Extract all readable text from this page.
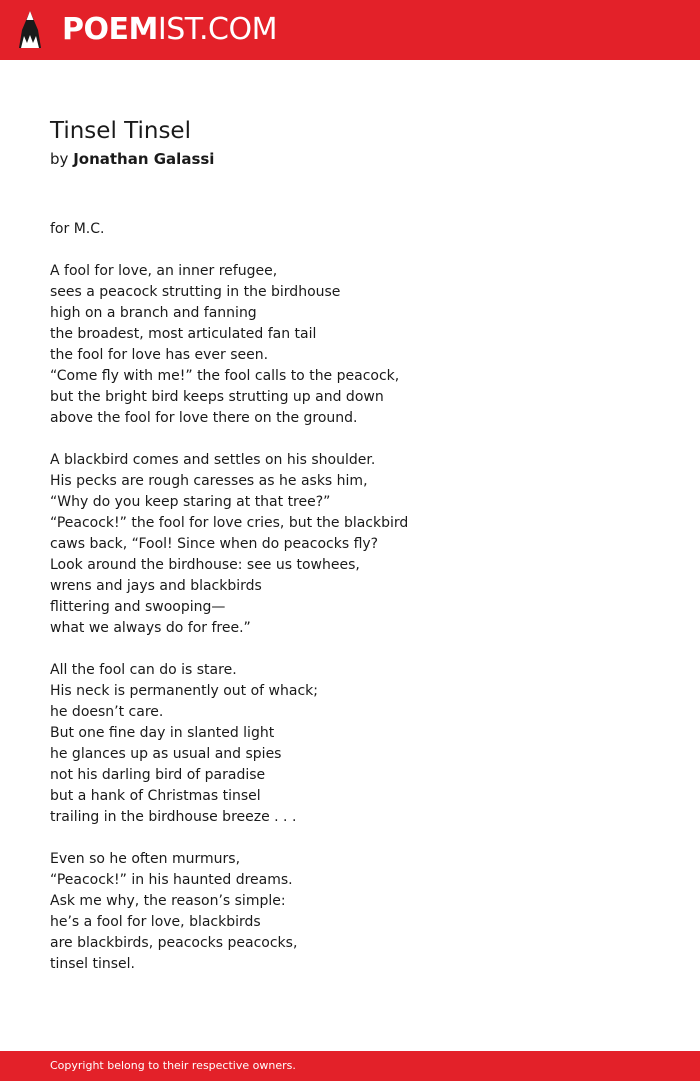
POEMIST.COM
Tinsel Tinsel
by Jonathan Galassi
for M.C.
A fool for love, an inner refugee,
sees a peacock strutting in the birdhouse
high on a branch and fanning
the broadest, most articulated fan tail
the fool for love has ever seen.
“Come fly with me!” the fool calls to the peacock,
but the bright bird keeps strutting up and down
above the fool for love there on the ground.
A blackbird comes and settles on his shoulder.
His pecks are rough caresses as he asks him,
“Why do you keep staring at that tree?”
“Peacock!” the fool for love cries, but the blackbird
caws back, “Fool! Since when do peacocks fly?
Look around the birdhouse: see us towhees,
wrens and jays and blackbirds
flittering and swooping—
what we always do for free.”
All the fool can do is stare.
His neck is permanently out of whack;
he doesn’t care.
But one fine day in slanted light
he glances up as usual and spies
not his darling bird of paradise
but a hank of Christmas tinsel
trailing in the birdhouse breeze . . .
Even so he often murmurs,
“Peacock!” in his haunted dreams.
Ask me why, the reason’s simple:
he’s a fool for love, blackbirds
are blackbirds, peacocks peacocks,
tinsel tinsel.
Copyright belong to their respective owners.
